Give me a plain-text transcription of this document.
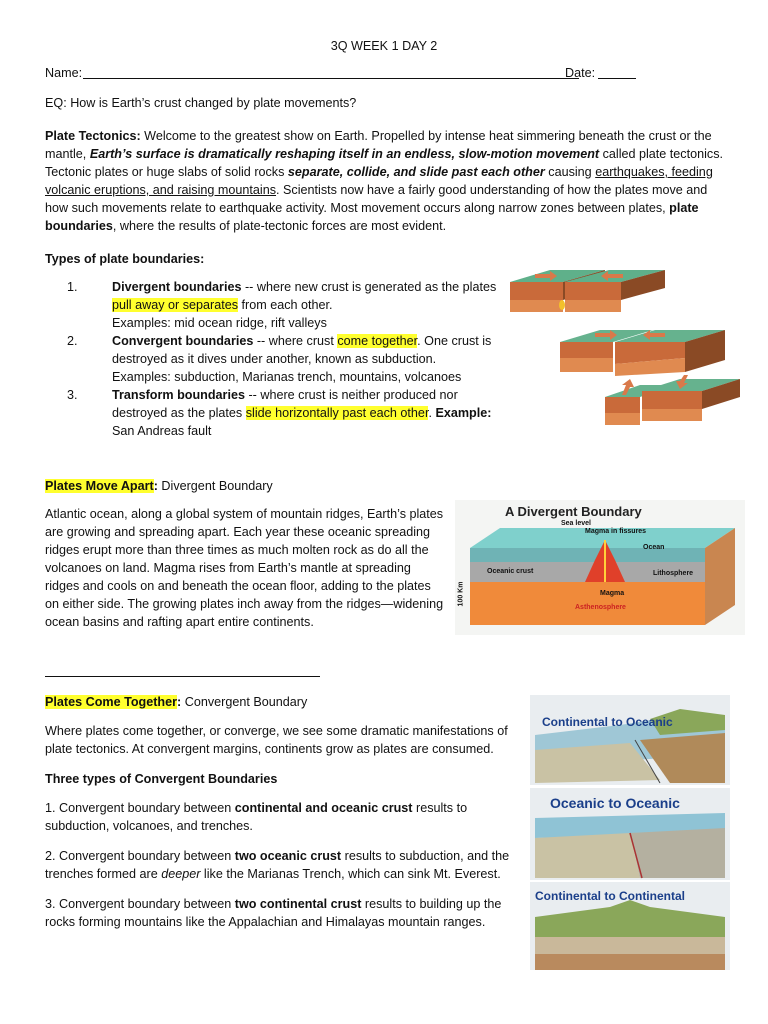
3Q WEEK 1 DAY 2
Name:	Date:
EQ: How is Earth’s crust changed by plate movements?
Plate Tectonics: Welcome to the greatest show on Earth. Propelled by intense heat simmering beneath the crust or the mantle, Earth’s surface is dramatically reshaping itself in an endless, slow-motion movement called plate tectonics. Tectonic plates or huge slabs of solid rocks separate, collide, and slide past each other causing earthquakes, feeding volcanic eruptions, and raising mountains. Scientists now have a fairly good understanding of how the plates move and how such movements relate to earthquake activity. Most movement occurs along narrow zones between plates, plate boundaries, where the results of plate-tectonic forces are most evident.
Types of plate boundaries:
1.	Divergent boundaries -- where new crust is generated as the plates pull away or separates from each other.
Examples: mid ocean ridge, rift valleys
2.	Convergent boundaries -- where crust come together. One crust is destroyed as it dives under another, known as subduction.
Examples: subduction, Marianas trench, mountains, volcanoes
3.	Transform boundaries -- where crust is neither produced nor destroyed as the plates slide horizontally past each other. Example: San Andreas fault
Plates Move Apart: Divergent Boundary
Atlantic ocean, along a global system of mountain ridges, Earth’s plates are growing and spreading apart. Each year these oceanic spreading ridges erupt more than three times as much molten rock as do all the volcanoes on land. Magma rises from Earth’s mantle at spreading ridges and cools on and beneath the ocean floor, adding to the plates on either side. The growing plates inch away from the ridges—widening ocean basins and rafting apart entire continents.
A Divergent Boundary
Sea level
Magma in fissures
Ocean
Oceanic crust
Magma
Lithosphere
Asthenosphere
100 Km
Plates Come Together: Convergent Boundary
Where plates come together, or converge, we see some dramatic manifestations of plate tectonics. At convergent margins, continents grow as plates are consumed.
Three types of Convergent Boundaries
1. Convergent boundary between continental and oceanic crust results to subduction, volcanoes, and trenches.
2. Convergent boundary between two oceanic crust results to subduction, and the trenches formed are deeper like the Marianas Trench, which can sink Mt. Everest.
3. Convergent boundary between two continental crust results to building up the rocks forming mountains like the Appalachian and Himalayas mountain ranges.
Continental to Oceanic
Oceanic to Oceanic
Continental to Continental
